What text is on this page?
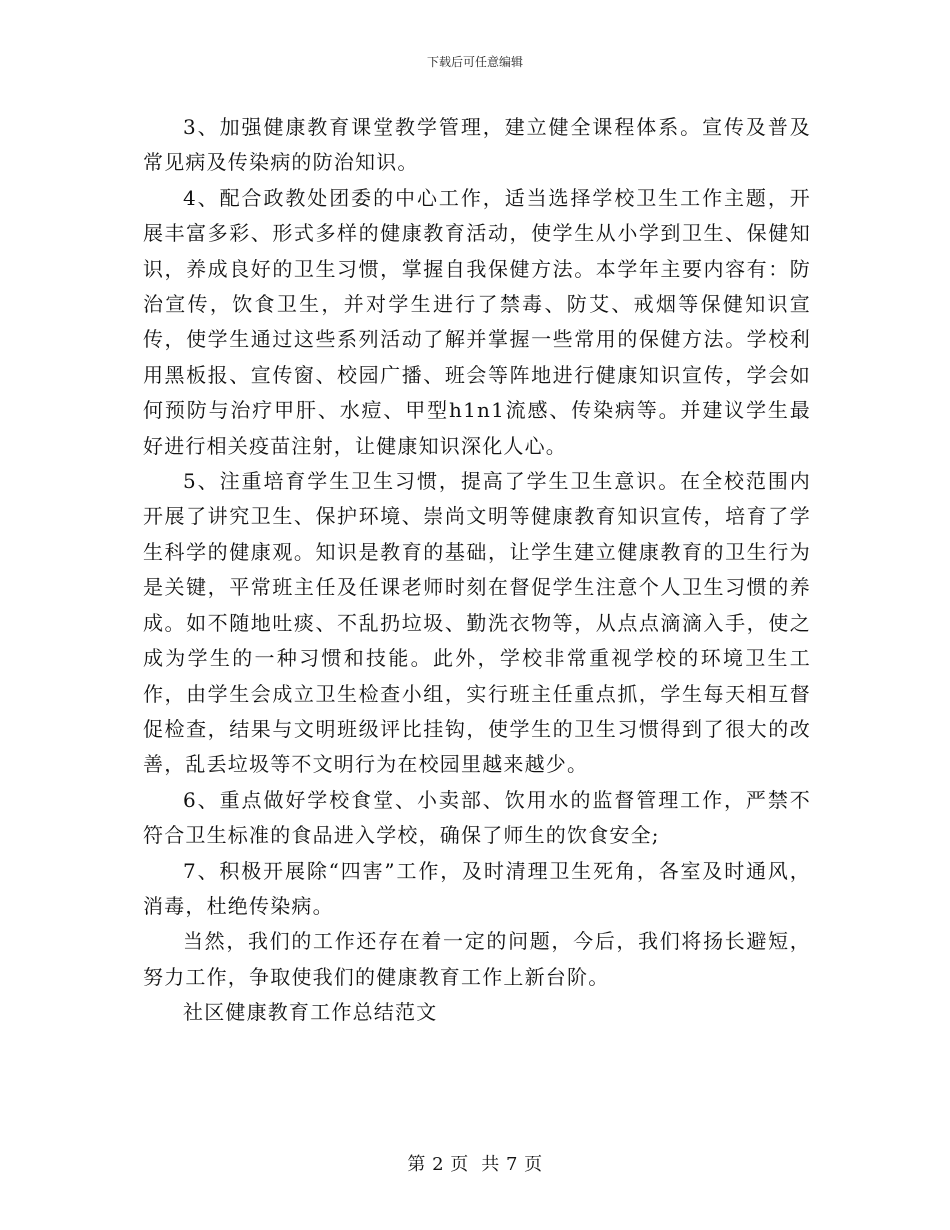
下载后可任意编辑

3、加强健康教育课堂教学管理，建立健全课程体系。宣传及普及常见病及传染病的防治知识。

4、配合政教处团委的中心工作，适当选择学校卫生工作主题，开展丰富多彩、形式多样的健康教育活动，使学生从小学到卫生、保健知识，养成良好的卫生习惯，掌握自我保健方法。本学年主要内容有：防治宣传，饮食卫生，并对学生进行了禁毒、防艾、戒烟等保健知识宣传，使学生通过这些系列活动了解并掌握一些常用的保健方法。学校利用黑板报、宣传窗、校园广播、班会等阵地进行健康知识宣传，学会如何预防与治疗甲肝、水痘、甲型h1n1流感、传染病等。并建议学生最好进行相关疫苗注射，让健康知识深化人心。

5、注重培育学生卫生习惯，提高了学生卫生意识。在全校范围内开展了讲究卫生、保护环境、崇尚文明等健康教育知识宣传，培育了学生科学的健康观。知识是教育的基础，让学生建立健康教育的卫生行为是关键，平常班主任及任课老师时刻在督促学生注意个人卫生习惯的养成。如不随地吐痰、不乱扔垃圾、勤洗衣物等，从点点滴滴入手，使之成为学生的一种习惯和技能。此外，学校非常重视学校的环境卫生工作，由学生会成立卫生检查小组，实行班主任重点抓，学生每天相互督促检查，结果与文明班级评比挂钩，使学生的卫生习惯得到了很大的改善，乱丢垃圾等不文明行为在校园里越来越少。

6、重点做好学校食堂、小卖部、饮用水的监督管理工作，严禁不符合卫生标准的食品进入学校，确保了师生的饮食安全;

7、积极开展除“四害”工作，及时清理卫生死角，各室及时通风，消毒，杜绝传染病。

当然，我们的工作还存在着一定的问题，今后，我们将扬长避短，努力工作，争取使我们的健康教育工作上新台阶。

社区健康教育工作总结范文

第 2 页  共 7 页
